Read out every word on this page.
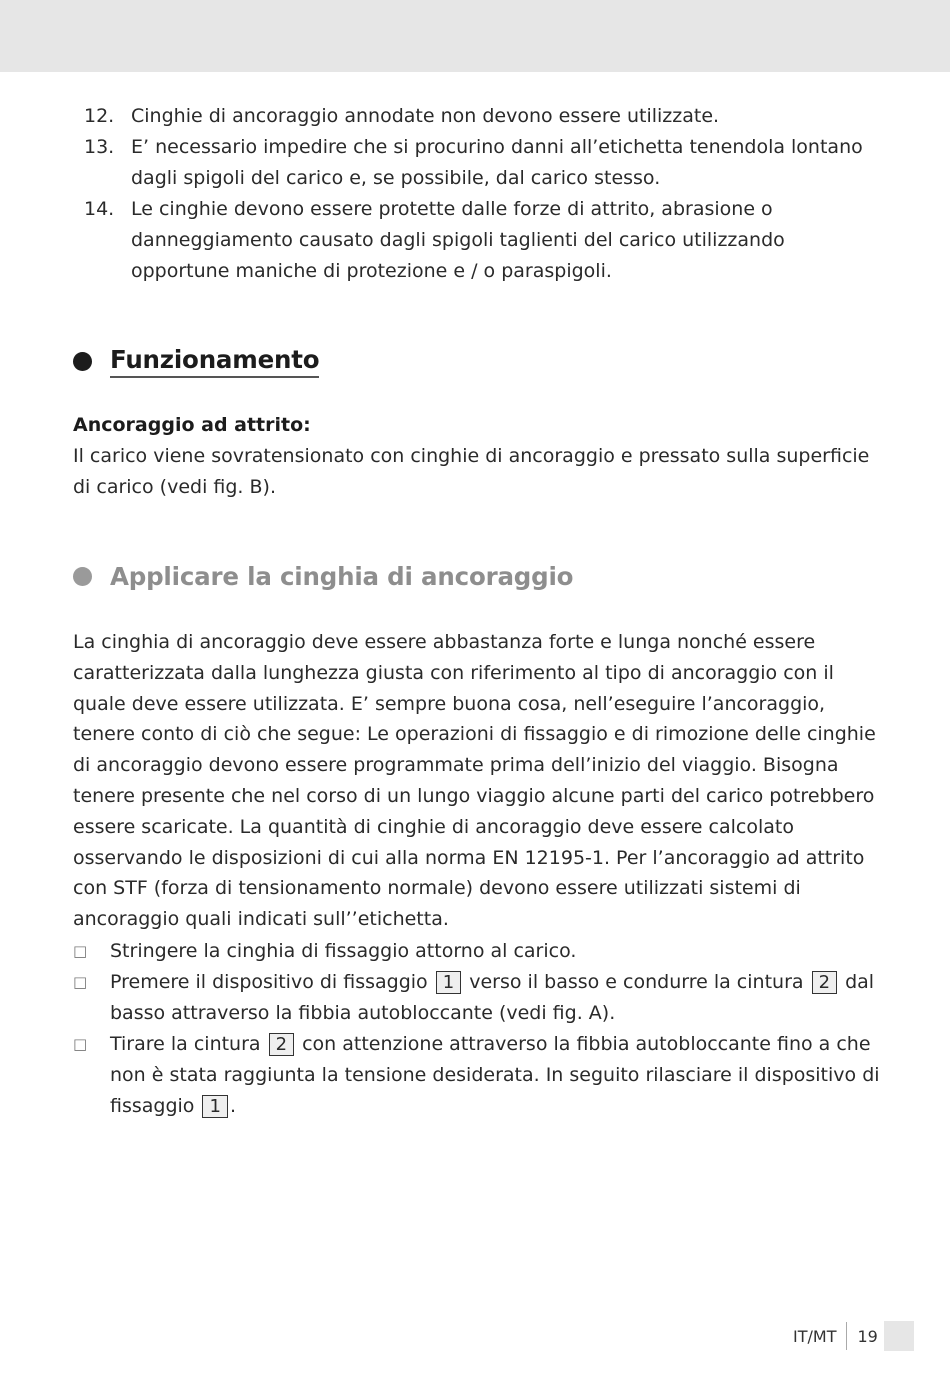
12. Cinghie di ancoraggio annodate non devono essere utilizzate.
13. E’ necessario impedire che si procurino danni all’etichetta tenendola lontano dagli spigoli del carico e, se possibile, dal carico stesso.
14. Le cinghie devono essere protette dalle forze di attrito, abrasione o danneggiamento causato dagli spigoli taglienti del carico utilizzando opportune maniche di protezione e / o paraspigoli.
Funzionamento
Ancoraggio ad attrito:
Il carico viene sovratensionato con cinghie di ancoraggio e pressato sulla superficie di carico (vedi fig. B).
Applicare la cinghia di ancoraggio
La cinghia di ancoraggio deve essere abbastanza forte e lunga nonché essere caratterizzata dalla lunghezza giusta con riferimento al tipo di ancoraggio con il quale deve essere utilizzata. E’ sempre buona cosa, nell’eseguire l’ancoraggio, tenere conto di ciò che segue: Le operazioni di fissaggio e di rimozione delle cinghie di ancoraggio devono essere programmate prima dell’inizio del viaggio. Bisogna tenere presente che nel corso di un lungo viaggio alcune parti del carico potrebbero essere scaricate. La quantità di cinghie di ancoraggio deve essere calcolato osservando le disposizioni di cui alla norma EN 12195-1. Per l’ancoraggio ad attrito con STF (forza di tensionamento normale) devono essere utilizzati sistemi di ancoraggio quali indicati sull’’etichetta.
□	Stringere la cinghia di fissaggio attorno al carico.
□	Premere il dispositivo di fissaggio 1 verso il basso e condurre la cintura 2 dal basso attraverso la fibbia autobloccante (vedi fig. A).
□	Tirare la cintura 2 con attenzione attraverso la fibbia autobloccante fino a che non è stata raggiunta la tensione desiderata. In seguito rilasciare il dispositivo di fissaggio 1 .
IT/MT	19
